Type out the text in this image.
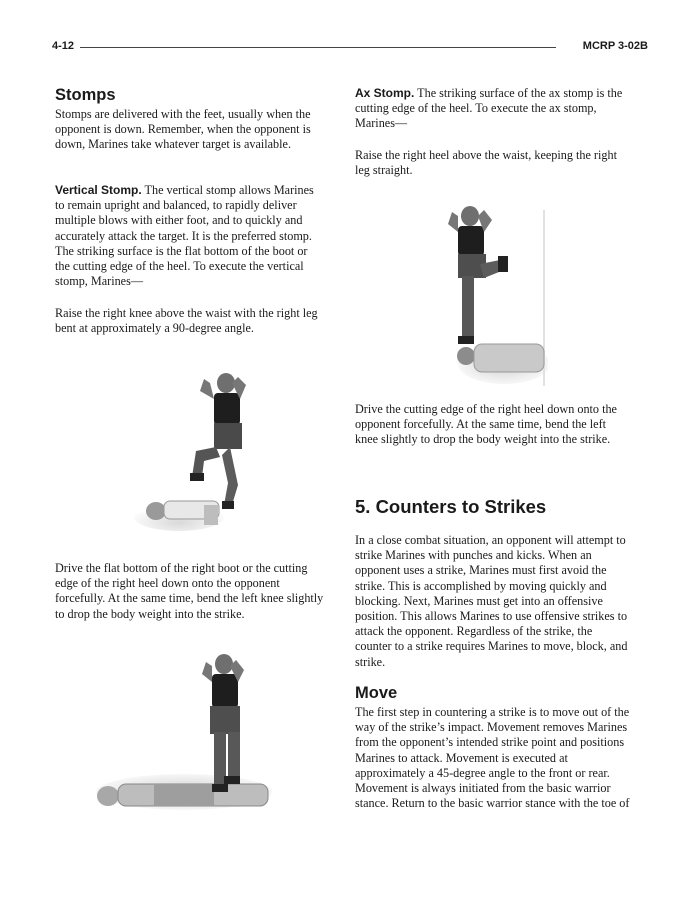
4-12	MCRP 3-02B
Stomps

Stomps are delivered with the feet, usually when the opponent is down. Remember, when the opponent is down, Marines take whatever target is available.

Vertical Stomp. The vertical stomp allows Marines to remain upright and balanced, to rapidly deliver multiple blows with either foot, and to quickly and accurately attack the target. It is the preferred stomp. The striking surface is the flat bottom of the boot or the cutting edge of the heel. To execute the vertical stomp, Marines—

Raise the right knee above the waist with the right leg bent at approximately a 90-degree angle.

Drive the flat bottom of the right boot or the cutting edge of the right heel down onto the opponent forcefully. At the same time, bend the left knee slightly to drop the body weight into the strike.

Ax Stomp. The striking surface of the ax stomp is the cutting edge of the heel. To execute the ax stomp, Marines—

Raise the right heel above the waist, keeping the right leg straight.

Drive the cutting edge of the right heel down onto the opponent forcefully. At the same time, bend the left knee slightly to drop the body weight into the strike.

5. Counters to Strikes

In a close combat situation, an opponent will attempt to strike Marines with punches and kicks. When an opponent uses a strike, Marines must first avoid the strike. This is accomplished by moving quickly and blocking. Next, Marines must get into an offensive position. This allows Marines to use offensive strikes to attack the opponent. Regardless of the strike, the counter to a strike requires Marines to move, block, and strike.

Move

The first step in countering a strike is to move out of the way of the strike’s impact. Movement removes Marines from the opponent’s intended strike point and positions Marines to attack. Movement is executed at approximately a 45-degree angle to the front or rear. Movement is always initiated from the basic warrior stance. Return to the basic warrior stance with the toe of
